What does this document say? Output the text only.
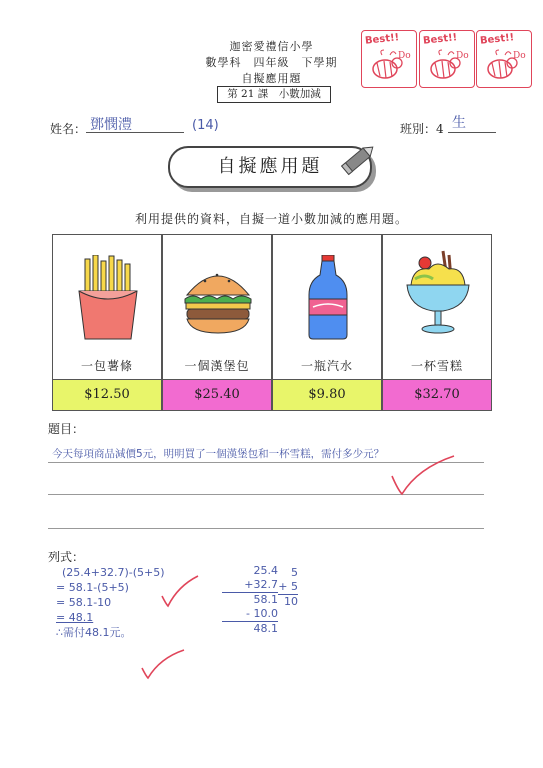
迦密愛禮信小學
數學科　四年級　下學期
自擬應用題
第 21 課　小數加減
Best!!
Do
Best!!
Do
Best!!
Do
姓名： 鄧憫澧	(14)	班別：4 生
自擬應用題
利用提供的資料，自擬一道小數加減的應用題。
一包薯條
$12.50
一個漢堡包
$25.40
一瓶汽水
$9.80
一杯雪糕
$32.70
題目：
今天每項商品減價5元，明明買了一個漢堡包和一杯雪糕，需付多少元？
列式：
(25.4+32.7)-(5+5)
= 58.1-(5+5)
= 58.1-10
= 48.1
∴需付48.1元。
25.4
+32.7
58.1
- 10.0
48.1
5
+ 5
10
